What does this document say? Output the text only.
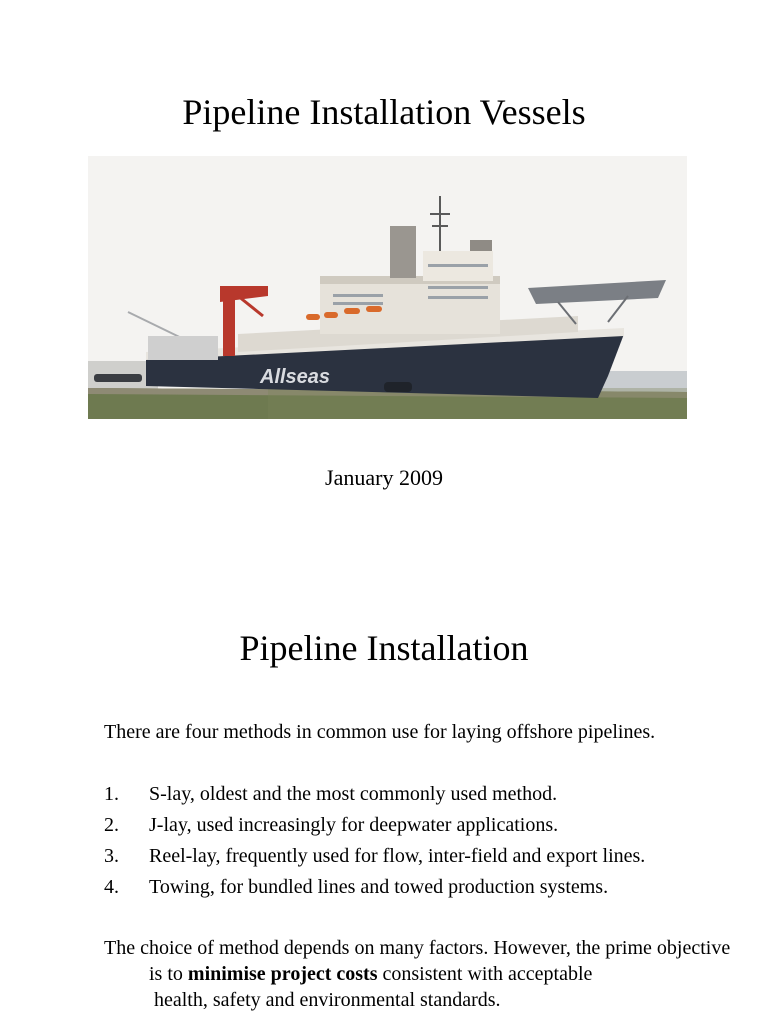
Pipeline Installation Vessels
Allseas
January 2009
Pipeline Installation

There are four methods in common use for laying offshore pipelines.

1.	S-lay, oldest and the most commonly used method.
2.	J-lay, used increasingly for deepwater applications.
3.	Reel-lay, frequently used for flow, inter-field and export lines.
4.	Towing, for bundled lines and towed production systems.

The choice of method depends on many factors. However, the prime objective is to minimise project costs consistent with acceptable
health, safety and environmental standards.
